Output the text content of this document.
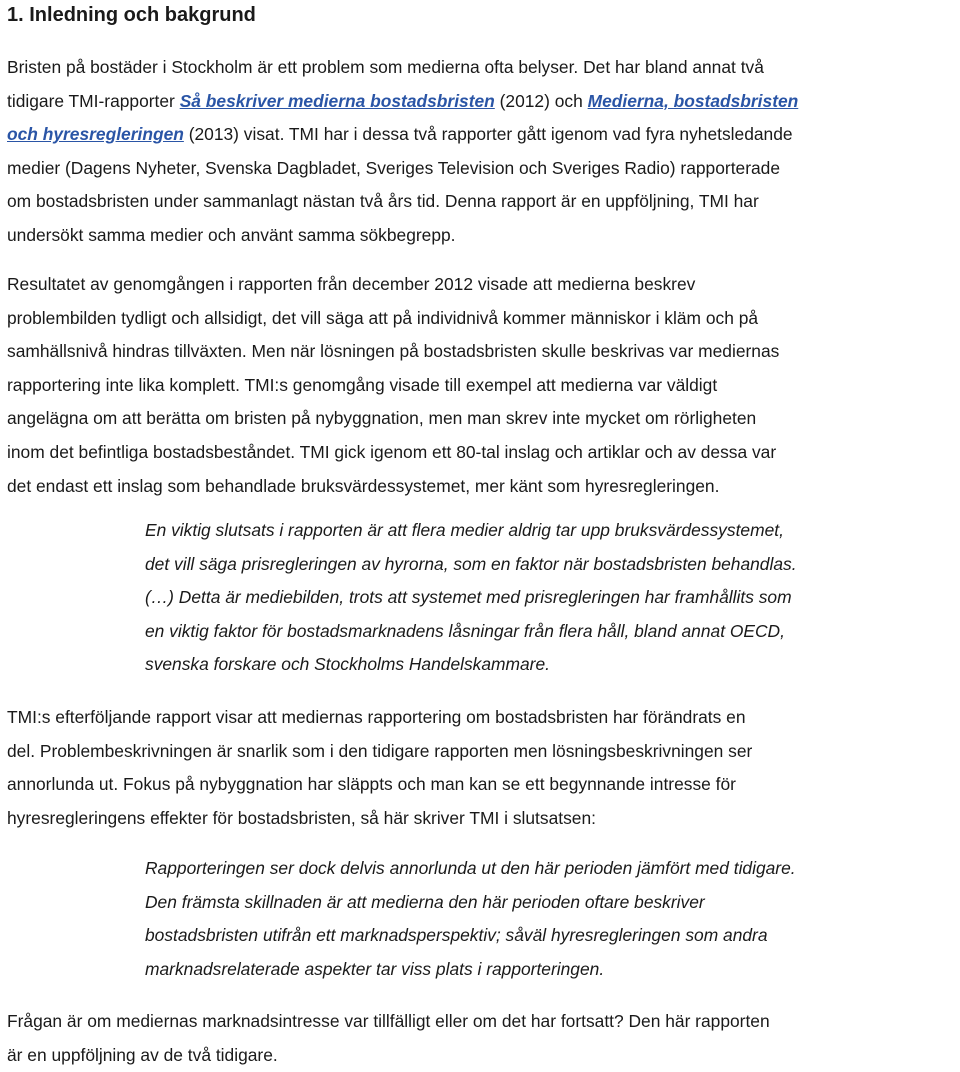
1. Inledning och bakgrund
Bristen på bostäder i Stockholm är ett problem som medierna ofta belyser. Det har bland annat två
tidigare TMI-rapporter Så beskriver medierna bostadsbristen (2012) och Medierna, bostadsbristen
och hyresregleringen (2013) visat. TMI har i dessa två rapporter gått igenom vad fyra nyhetsledande
medier (Dagens Nyheter, Svenska Dagbladet, Sveriges Television och Sveriges Radio) rapporterade
om bostadsbristen under sammanlagt nästan två års tid. Denna rapport är en uppföljning, TMI har
undersökt samma medier och använt samma sökbegrepp.
Resultatet av genomgången i rapporten från december 2012 visade att medierna beskrev
problembilden tydligt och allsidigt, det vill säga att på individnivå kommer människor i kläm och på
samhällsnivå hindras tillväxten. Men när lösningen på bostadsbristen skulle beskrivas var mediernas
rapportering inte lika komplett. TMI:s genomgång visade till exempel att medierna var väldigt
angelägna om att berätta om bristen på nybyggnation, men man skrev inte mycket om rörligheten
inom det befintliga bostadsbeståndet. TMI gick igenom ett 80-tal inslag och artiklar och av dessa var
det endast ett inslag som behandlade bruksvärdessystemet, mer känt som hyresregleringen.
En viktig slutsats i rapporten är att flera medier aldrig tar upp bruksvärdessystemet,
det vill säga prisregleringen av hyrorna, som en faktor när bostadsbristen behandlas.
(…) Detta är mediebilden, trots att systemet med prisregleringen har framhållits som
en viktig faktor för bostadsmarknadens låsningar från flera håll, bland annat OECD,
svenska forskare och Stockholms Handelskammare.
TMI:s efterföljande rapport visar att mediernas rapportering om bostadsbristen har förändrats en
del. Problembeskrivningen är snarlik som i den tidigare rapporten men lösningsbeskrivningen ser
annorlunda ut. Fokus på nybyggnation har släppts och man kan se ett begynnande intresse för
hyresregleringens effekter för bostadsbristen, så här skriver TMI i slutsatsen:
Rapporteringen ser dock delvis annorlunda ut den här perioden jämfört med tidigare.
Den främsta skillnaden är att medierna den här perioden oftare beskriver
bostadsbristen utifrån ett marknadsperspektiv; såväl hyresregleringen som andra
marknadsrelaterade aspekter tar viss plats i rapporteringen.
Frågan är om mediernas marknadsintresse var tillfälligt eller om det har fortsatt? Den här rapporten
är en uppföljning av de två tidigare.
